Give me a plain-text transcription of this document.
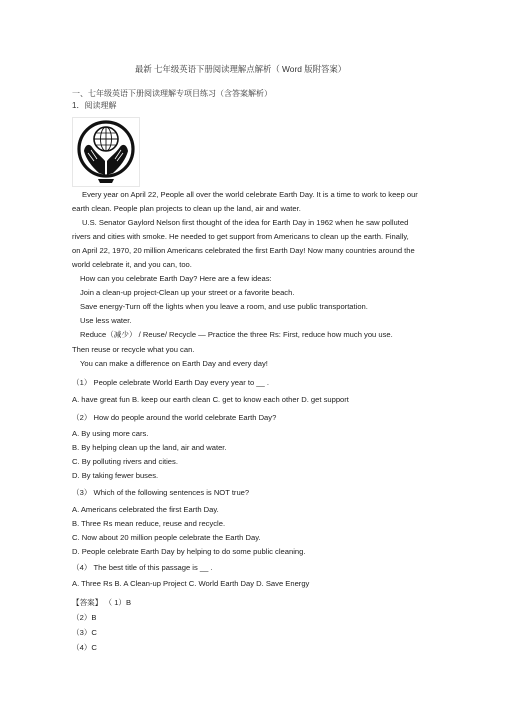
最新 七年级英语下册阅读理解点解析（ Word 版附答案）
一、七年级英语下册阅读理解专项目练习（含答案解析）
1．阅读理解
Every year on April 22, People all over the world celebrate Earth Day. It is a time to work to keep our
earth clean. People plan projects to clean up the land, air and water.
U.S. Senator Gaylord Nelson first thought of the idea for Earth Day in 1962 when he saw polluted
rivers and cities with smoke. He needed to get support from Americans to clean up the earth. Finally,
on April 22, 1970, 20 million Americans celebrated the first Earth Day! Now many countries around the
world celebrate it, and you can, too.
How can you celebrate Earth Day? Here are a few ideas:
Join a clean-up project-Clean up your street or a favorite beach.
Save energy-Turn off the lights when you leave a room, and use public transportation.
Use less water.
Reduce（减少） / Reuse/ Recycle — Practice the three Rs: First, reduce how much you use.
Then reuse or recycle what you can.
You can make a difference on Earth Day and every day!
（1） People celebrate World Earth Day every year to __ .
A. have great fun B. keep our earth clean C. get to know each other D. get support
（2） How do people around the world celebrate Earth Day?
A. By using more cars.
B. By helping clean up the land, air and water.
C. By polluting rivers and cities.
D. By taking fewer buses.
（3） Which of the following sentences is NOT true?
A. Americans celebrated the first Earth Day.
B. Three Rs mean reduce, reuse and recycle.
C. Now about 20 million people celebrate the Earth Day.
D. People celebrate Earth Day by helping to do some public cleaning.
（4） The best title of this passage is __ .
A. Three Rs B. A Clean-up Project C. World Earth Day D. Save Energy
【答案】 （ 1）B
（2）B
（3）C
（4）C
